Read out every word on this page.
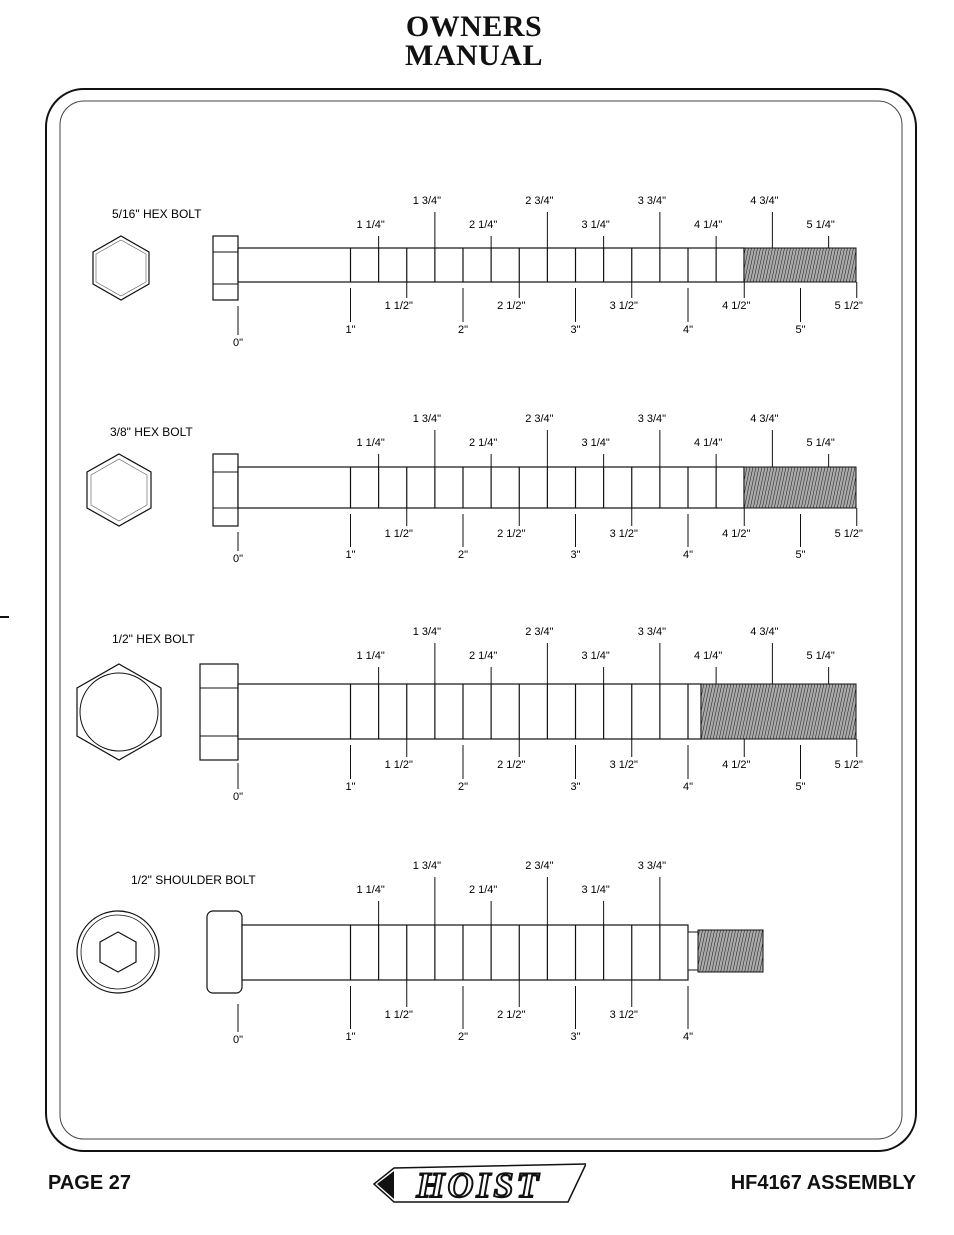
OWNERS
MANUAL
5/16" HEX BOLT
1 1/4"
1 3/4"
1 1/2"
2 1/4"
2 3/4"
2 1/2"
3 1/4"
3 3/4"
3 1/2"
4 1/4"
4 3/4"
4 1/2"
5 1/4"
5 1/2"
0"
1"	2"	3"	4"	5"
3/8" HEX BOLT
1 1/4"
1 3/4"
1 1/2"
2 1/4"
2 3/4"
2 1/2"
3 1/4"
3 3/4"
3 1/2"
4 1/4"
4 3/4"
4 1/2"
5 1/4"
5 1/2"
0"	1"	2"	3"	4"	5"
1/2" HEX BOLT
1 1/4"
1 3/4"
1 1/2"
2 1/4"
2 3/4"
2 1/2"
3 1/4"
3 3/4"
3 1/2"
4 1/4"
4 3/4"
4 1/2"
5 1/4"
5 1/2"
0"
1"	2"	3"	4"	5"
1/2" SHOULDER BOLT
1 1/4"
1 3/4"
1 1/2"
2 1/4"
2 3/4"
2 1/2"
3 1/4"
3 3/4"
3 1/2"
0"	1"	2"	3"	4"
PAGE 27	HOIST	HF4167 ASSEMBLY
